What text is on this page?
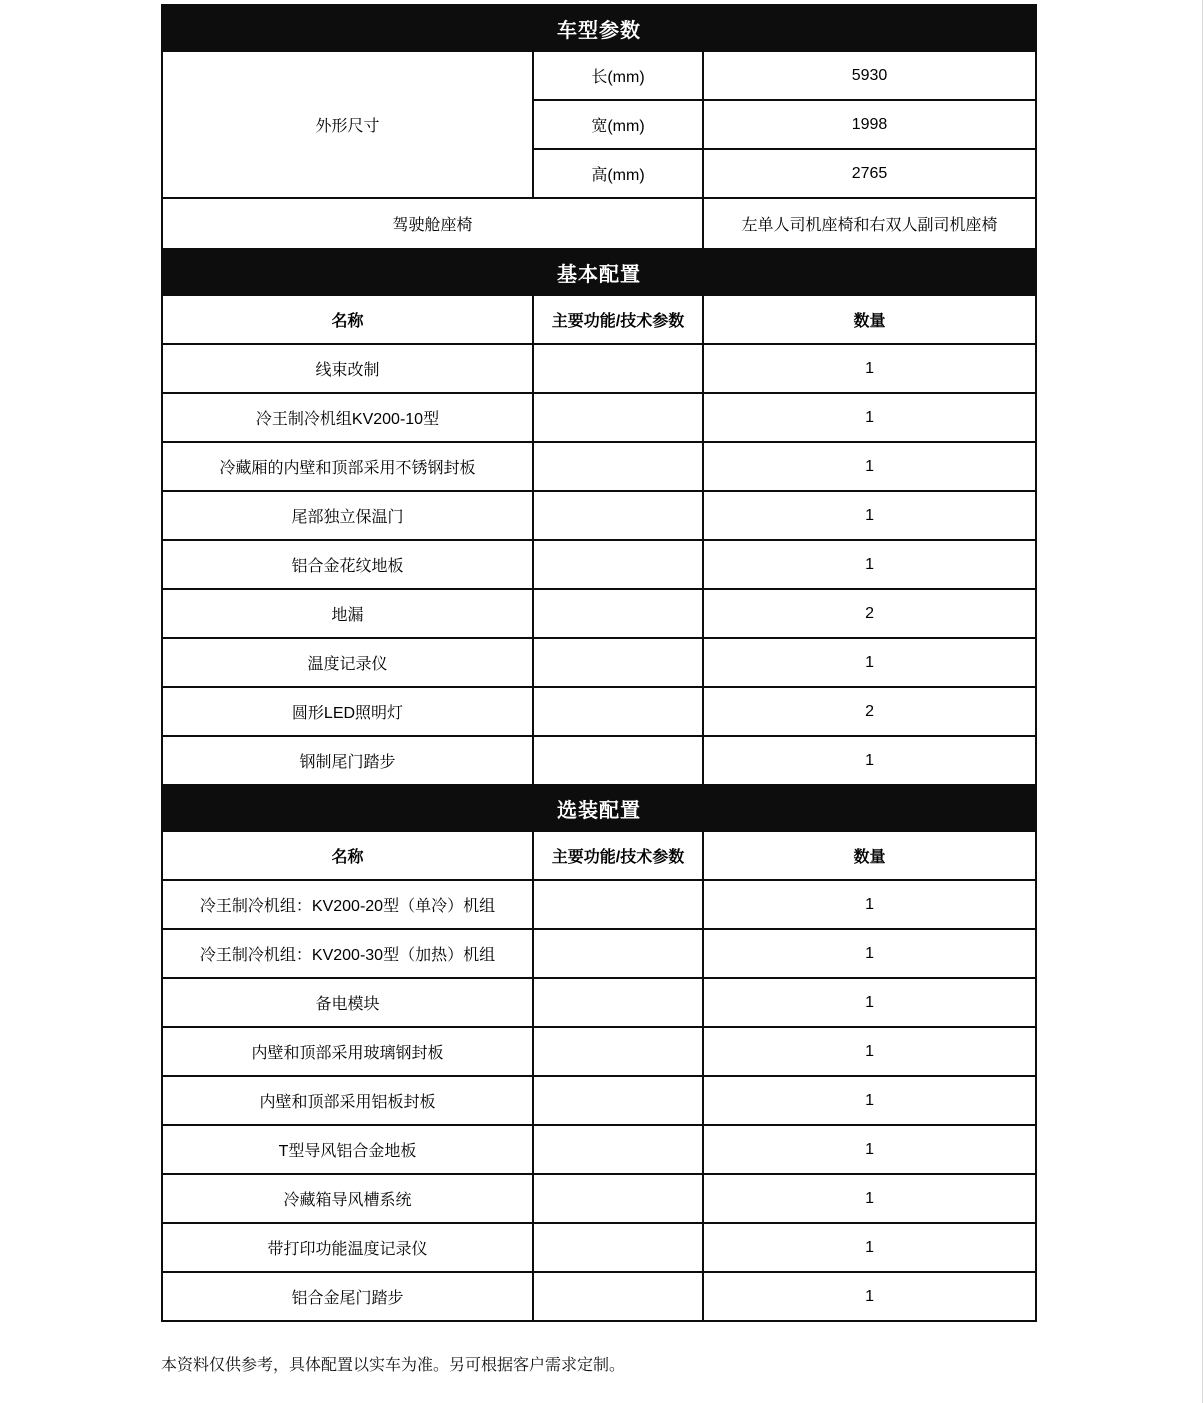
车型参数		
外形尺寸	长(mm)	5930
	宽(mm)	1998
	高(mm)	2765
驾驶舱座椅		左单人司机座椅和右双人副司机座椅
基本配置		
名称	主要功能/技术参数	数量
线束改制		1
冷王制冷机组KV200-10型		1
冷藏厢的内壁和顶部采用不锈钢封板		1
尾部独立保温门		1
铝合金花纹地板		1
地漏		2
温度记录仪		1
圆形LED照明灯		2
钢制尾门踏步		1
选装配置		
名称	主要功能/技术参数	数量
冷王制冷机组：KV200-20型（单冷）机组		1
冷王制冷机组：KV200-30型（加热）机组		1
备电模块		1
内壁和顶部采用玻璃钢封板		1
内壁和顶部采用铝板封板		1
T型导风铝合金地板		1
冷藏箱导风槽系统		1
带打印功能温度记录仪		1
铝合金尾门踏步		1
本资料仅供参考，具体配置以实车为准。另可根据客户需求定制。
